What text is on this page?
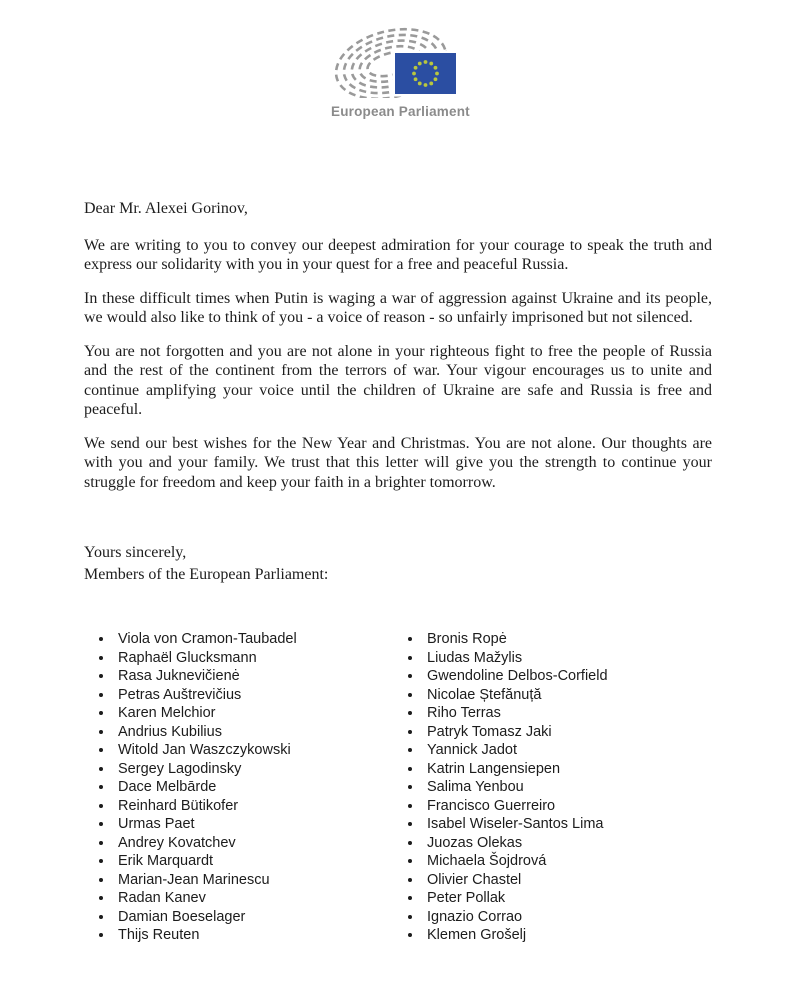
European Parliament
Dear Mr. Alexei Gorinov,

We are writing to you to convey our deepest admiration for your courage to speak the truth and express our solidarity with you in your quest for a free and peaceful Russia.

In these difficult times when Putin is waging a war of aggression against Ukraine and its people, we would also like to think of you - a voice of reason - so unfairly imprisoned but not silenced.

You are not forgotten and you are not alone in your righteous fight to free the people of Russia and the rest of the continent from the terrors of war. Your vigour encourages us to unite and continue amplifying your voice until the children of Ukraine are safe and Russia is free and peaceful.

We send our best wishes for the New Year and Christmas. You are not alone. Our thoughts are with you and your family. We trust that this letter will give you the strength to continue your struggle for freedom and keep your faith in a brighter tomorrow.

Yours sincerely,
Members of the European Parliament:
• Viola von Cramon-Taubadel
• Raphaël Glucksmann
• Rasa Juknevičienė
• Petras Auštrevičius
• Karen Melchior
• Andrius Kubilius
• Witold Jan Waszczykowski
• Sergey Lagodinsky
• Dace Melbārde
• Reinhard Bütikofer
• Urmas Paet
• Andrey Kovatchev
• Erik Marquardt
• Marian-Jean Marinescu
• Radan Kanev
• Damian Boeselager
• Thijs Reuten
• Bronis Ropė
• Liudas Mažylis
• Gwendoline Delbos-Corfield
• Nicolae Ștefănuță
• Riho Terras
• Patryk Tomasz Jaki
• Yannick Jadot
• Katrin Langensiepen
• Salima Yenbou
• Francisco Guerreiro
• Isabel Wiseler-Santos Lima
• Juozas Olekas
• Michaela Šojdrová
• Olivier Chastel
• Peter Pollak
• Ignazio Corrao
• Klemen Grošelj
